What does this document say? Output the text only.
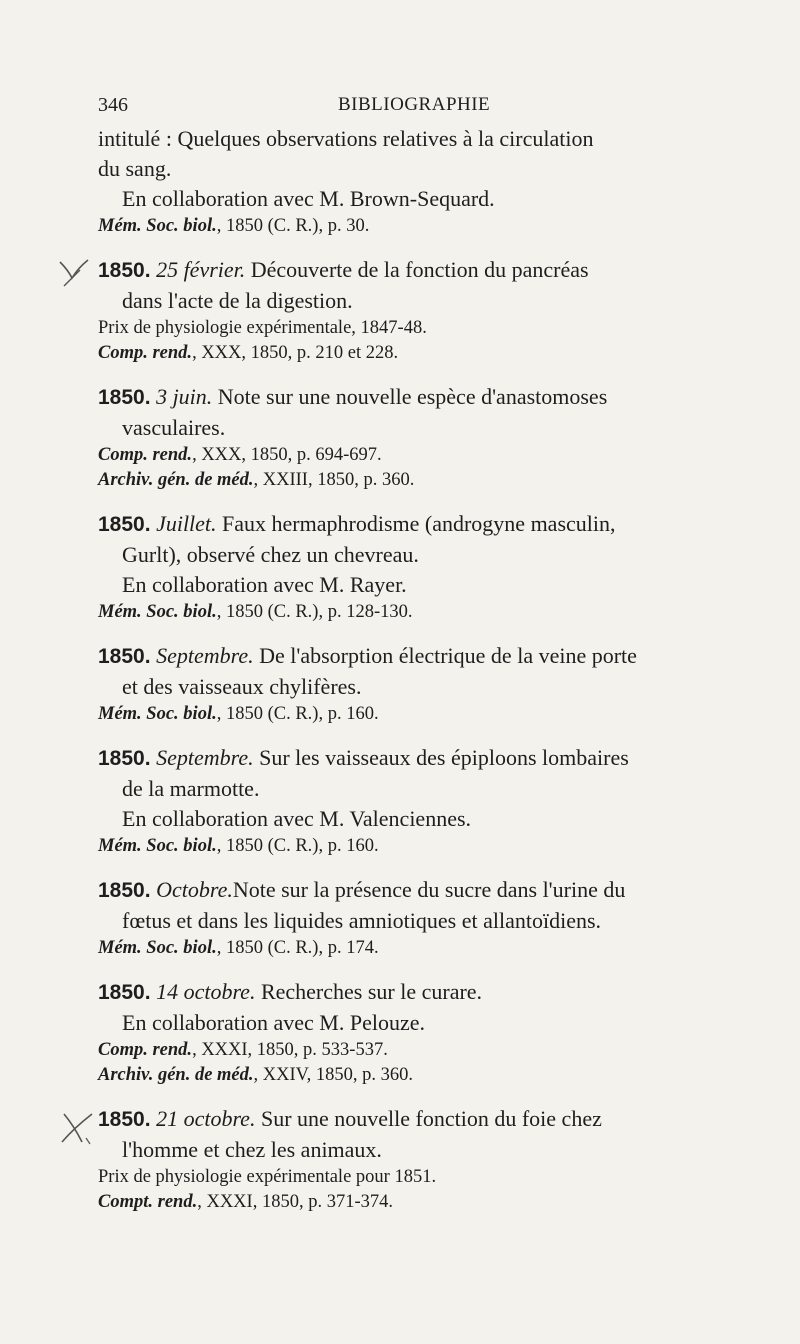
346	BIBLIOGRAPHIE
intitulé : Quelques observations relatives à la circulation
du sang.
En collaboration avec M. Brown-Sequard.
Mém. Soc. biol., 1850 (C. R.), p. 30.
1850. 25 février. Découverte de la fonction du pancréas
dans l'acte de la digestion.
Prix de physiologie expérimentale, 1847-48.
Comp. rend., XXX, 1850, p. 210 et 228.
1850. 3 juin. Note sur une nouvelle espèce d'anastomoses
vasculaires.
Comp. rend., XXX, 1850, p. 694-697.
Archiv. gén. de méd., XXIII, 1850, p. 360.
1850. Juillet. Faux hermaphrodisme (androgyne masculin,
Gurlt), observé chez un chevreau.
En collaboration avec M. Rayer.
Mém. Soc. biol., 1850 (C. R.), p. 128-130.
1850. Septembre. De l'absorption électrique de la veine porte
et des vaisseaux chylifères.
Mém. Soc. biol., 1850 (C. R.), p. 160.
1850. Septembre. Sur les vaisseaux des épiploons lombaires
de la marmotte.
En collaboration avec M. Valenciennes.
Mém. Soc. biol., 1850 (C. R.), p. 160.
1850. Octobre.Note sur la présence du sucre dans l'urine du
fœtus et dans les liquides amniotiques et allantoïdiens.
Mém. Soc. biol., 1850 (C. R.), p. 174.
1850. 14 octobre. Recherches sur le curare.
En collaboration avec M. Pelouze.
Comp. rend., XXXI, 1850, p. 533-537.
Archiv. gén. de méd., XXIV, 1850, p. 360.
1850. 21 octobre. Sur une nouvelle fonction du foie chez
l'homme et chez les animaux.
Prix de physiologie expérimentale pour 1851.
Compt. rend., XXXI, 1850, p. 371-374.
